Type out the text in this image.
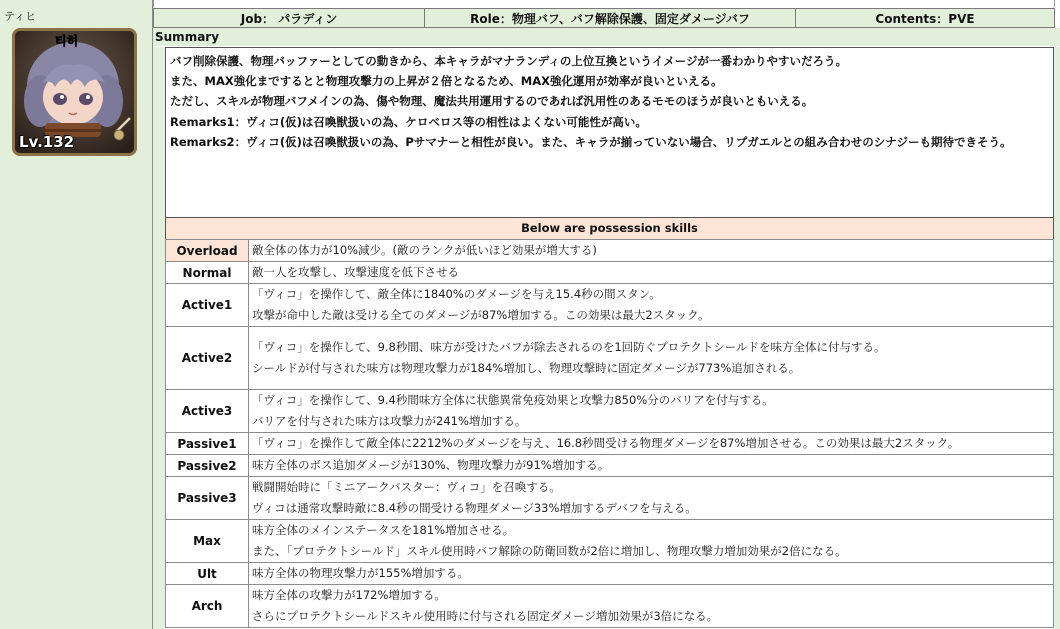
ティヒ
티히
Lv.132
Job： パラディン	Role：物理バフ、バフ解除保護、固定ダメージバフ	Contents：PVE
Summary
バフ削除保護、物理バッファーとしての動きから、本キャラがマナランディの上位互換というイメージが一番わかりやすいだろう。
また、MAX強化までするとと物理攻撃力の上昇が２倍となるため、MAX強化運用が効率が良いといえる。
ただし、スキルが物理バフメインの為、傷や物理、魔法共用運用するのであれば汎用性のあるモモのほうが良いともいえる。
Remarks1：ヴィコ(仮)は召喚獣扱いの為、ケロベロス等の相性はよくない可能性が高い。
Remarks2：ヴィコ(仮)は召喚獣扱いの為、Pサマナーと相性が良い。また、キャラが揃っていない場合、リプガエルとの組み合わせのシナジーも期待できそう。
Below are possession skills
Overload	敵全体の体力が10%減少。(敵のランクが低いほど効果が増大する)

Normal	敵一人を攻撃し、攻撃速度を低下させる

Active1	「ヴィコ」を操作して、敵全体に1840%のダメージを与え15.4秒の間スタン。
攻撃が命中した敵は受ける全てのダメージが87%増加する。この効果は最大2スタック。

Active2	「ヴィコ」を操作して、9.8秒間、味方が受けたバフが除去されるのを1回防ぐプロテクトシールドを味方全体に付与する。
シールドが付与された味方は物理攻撃力が184%増加し、物理攻撃時に固定ダメージが773%追加される。

Active3	「ヴィコ」を操作して、9.4秒間味方全体に状態異常免疫効果と攻撃力850%分のバリアを付与する。
バリアを付与された味方は攻撃力が241%増加する。

Passive1	「ヴィコ」を操作して敵全体に2212%のダメージを与え、16.8秒間受ける物理ダメージを87%増加させる。この効果は最大2スタック。

Passive2	味方全体のボス追加ダメージが130%、物理攻撃力が91%増加する。

Passive3	戦闘開始時に「ミニアークバスター：ヴィコ」を召喚する。
ヴィコは通常攻撃時敵に8.4秒の間受ける物理ダメージ33%増加するデバフを与える。

Max	味方全体のメインステータスを181%増加させる。
また、「プロテクトシールド」スキル使用時バフ解除の防衛回数が2倍に増加し、物理攻撃力増加効果が2倍になる。

Ult	味方全体の物理攻撃力が155%増加する。

Arch	味方全体の攻撃力が172%増加する。
さらにプロテクトシールドスキル使用時に付与される固定ダメージ増加効果が3倍になる。
